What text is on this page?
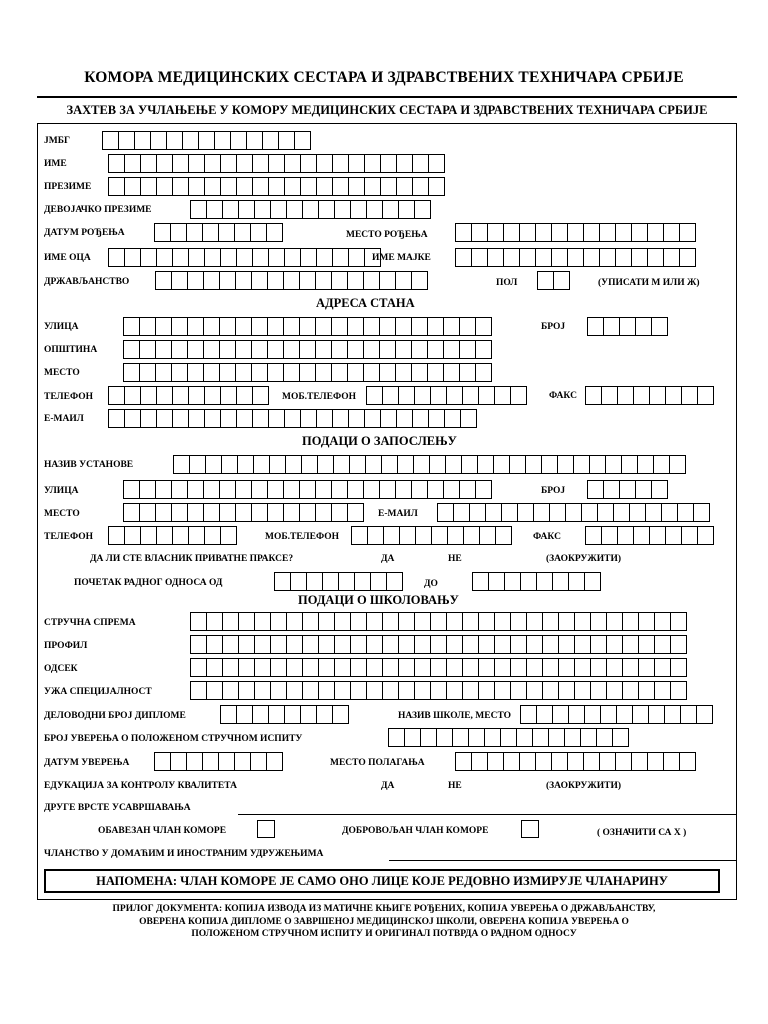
КОМОРА МЕДИЦИНСКИХ СЕСТАРА И ЗДРАВСТВЕНИХ ТЕХНИЧАРА СРБИЈЕ
ЗАХТЕВ ЗА УЧЛАЊЕЊЕ У КОМОРУ МЕДИЦИНСКИХ СЕСТАРА И ЗДРАВСТВЕНИХ ТЕХНИЧАРА СРБИЈЕ
ЈМБГ
ИМЕ
ПРЕЗИМЕ
ДЕВОЈАЧКО ПРЕЗИМЕ
ДАТУМ РОЂЕЊА	МЕСТО РОЂЕЊА
ИМЕ ОЦА	ИМЕ МАЈКЕ
ДРЖАВЉАНСТВО	ПОЛ	(УПИСАТИ М ИЛИ Ж)
АДРЕСА СТАНА
УЛИЦА	БРОЈ
ОПШТИНА
МЕСТО
ТЕЛЕФОН	МОБ.ТЕЛЕФОН	ФАКС
Е-МАИЛ
ПОДАЦИ О ЗАПОСЛЕЊУ
НАЗИВ УСТАНОВЕ
УЛИЦА	БРОЈ
МЕСТО	Е-МАИЛ
ТЕЛЕФОН	МОБ.ТЕЛЕФОН	ФАКС
ДА ЛИ СТЕ ВЛАСНИК ПРИВАТНЕ ПРАКСЕ?	ДА	НЕ	(ЗАОКРУЖИТИ)
ПОЧЕТАК РАДНОГ ОДНОСА ОД	ДО
ПОДАЦИ О ШКОЛОВАЊУ
СТРУЧНА СПРЕМА
ПРОФИЛ
ОДСЕК
УЖА СПЕЦИЈАЛНОСТ
ДЕЛОВОДНИ БРОЈ ДИПЛОМЕ	НАЗИВ ШКОЛЕ, МЕСТО
БРОЈ УВЕРЕЊА О ПОЛОЖЕНОМ СТРУЧНОМ ИСПИТУ
ДАТУМ УВЕРЕЊА	МЕСТО ПОЛАГАЊА
ЕДУКАЦИЈА ЗА КОНТРОЛУ КВАЛИТЕТА	ДА	НЕ	(ЗАОКРУЖИТИ)
ДРУГЕ ВРСТЕ УСАВРШАВАЊА
ОБАВЕЗАН ЧЛАН КОМОРЕ	ДОБРОВОЉАН ЧЛАН КОМОРЕ	( ОЗНАЧИТИ СА Х )
ЧЛАНСТВО У ДОМАЋИМ И ИНОСТРАНИМ УДРУЖЕЊИМА
НАПОМЕНА: ЧЛАН КОМОРЕ ЈЕ САМО ОНО ЛИЦЕ КОЈЕ РЕДОВНО ИЗМИРУЈЕ ЧЛАНАРИНУ
ПРИЛОГ ДОКУМЕНТА: КОПИЈА ИЗВОДА ИЗ МАТИЧНЕ КЊИГЕ РОЂЕНИХ, КОПИЈА УВЕРЕЊА О ДРЖАВЉАНСТВУ,
ОВЕРЕНА КОПИЈА ДИПЛОМЕ О ЗАВРШЕНОЈ МЕДИЦИНСКОЈ ШКОЛИ, ОВЕРЕНА КОПИЈА УВЕРЕЊА О
ПОЛОЖЕНОМ СТРУЧНОМ ИСПИТУ И ОРИГИНАЛ ПОТВРДА О РАДНОМ ОДНОСУ
